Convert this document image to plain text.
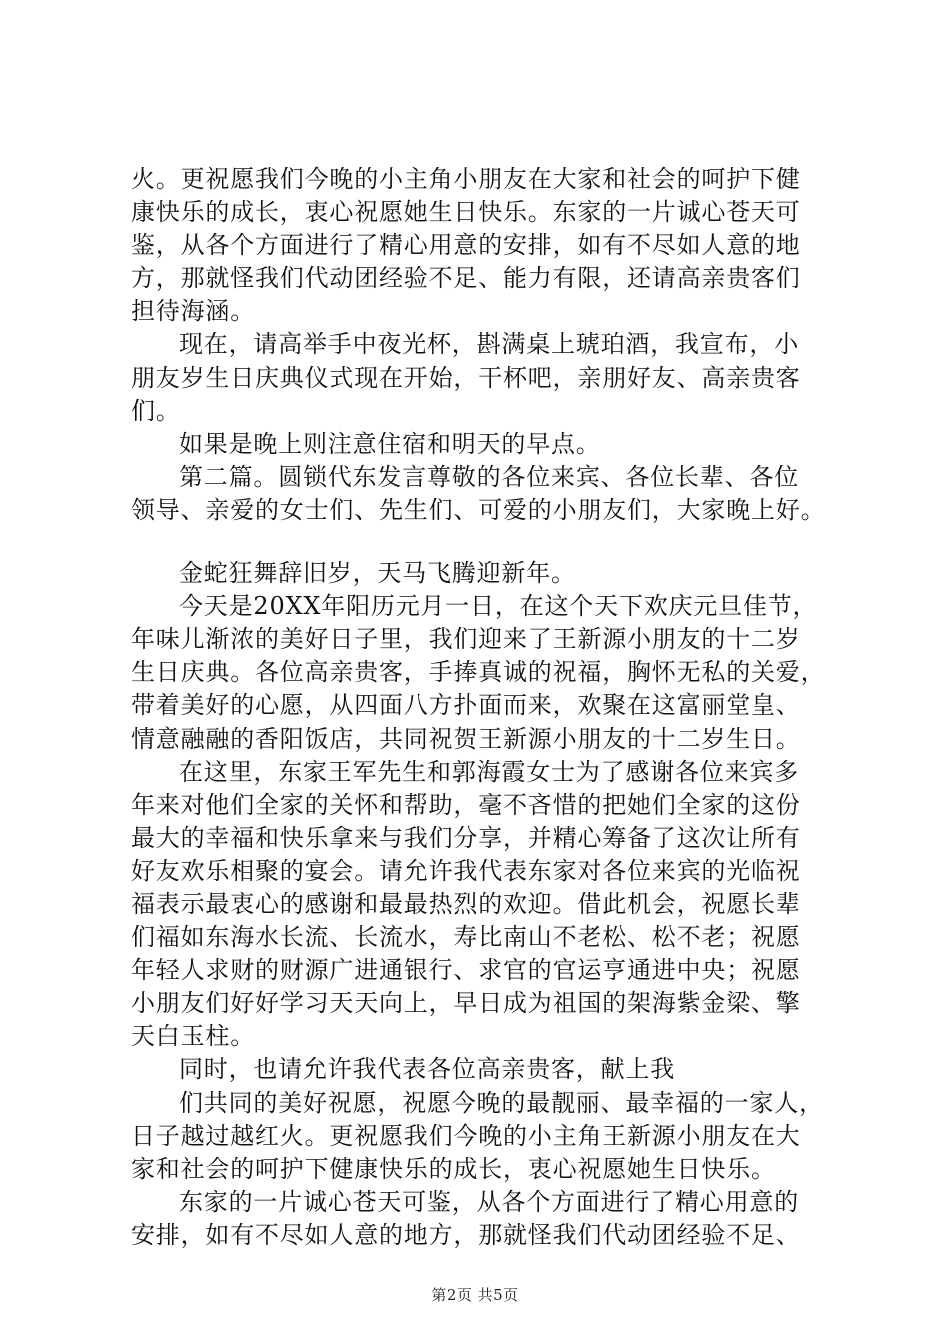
火。更祝愿我们今晚的小主角小朋友在大家和社会的呵护下健
康快乐的成长，衷心祝愿她生日快乐。东家的一片诚心苍天可
鉴，从各个方面进行了精心用意的安排，如有不尽如人意的地
方，那就怪我们代动团经验不足、能力有限，还请高亲贵客们
担待海涵。
现在，请高举手中夜光杯，斟满桌上琥珀酒，我宣布，小
朋友岁生日庆典仪式现在开始，干杯吧，亲朋好友、高亲贵客
们。
如果是晚上则注意住宿和明天的早点。
第二篇。圆锁代东发言尊敬的各位来宾、各位长辈、各位
领导、亲爱的女士们、先生们、可爱的小朋友们，大家晚上好。
金蛇狂舞辞旧岁，天马飞腾迎新年。
今天是20XX年阳历元月一日，在这个天下欢庆元旦佳节，
年味儿渐浓的美好日子里，我们迎来了王新源小朋友的十二岁
生日庆典。各位高亲贵客，手捧真诚的祝福，胸怀无私的关爱，
带着美好的心愿，从四面八方扑面而来，欢聚在这富丽堂皇、
情意融融的香阳饭店，共同祝贺王新源小朋友的十二岁生日。
在这里，东家王军先生和郭海霞女士为了感谢各位来宾多
年来对他们全家的关怀和帮助，毫不吝惜的把她们全家的这份
最大的幸福和快乐拿来与我们分享，并精心筹备了这次让所有
好友欢乐相聚的宴会。请允许我代表东家对各位来宾的光临祝
福表示最衷心的感谢和最最热烈的欢迎。借此机会，祝愿长辈
们福如东海水长流、长流水，寿比南山不老松、松不老；祝愿
年轻人求财的财源广进通银行、求官的官运亨通进中央；祝愿
小朋友们好好学习天天向上，早日成为祖国的架海紫金梁、擎
天白玉柱。
同时，也请允许我代表各位高亲贵客，献上我
们共同的美好祝愿，祝愿今晚的最靓丽、最幸福的一家人，
日子越过越红火。更祝愿我们今晚的小主角王新源小朋友在大
家和社会的呵护下健康快乐的成长，衷心祝愿她生日快乐。
东家的一片诚心苍天可鉴，从各个方面进行了精心用意的
安排，如有不尽如人意的地方，那就怪我们代动团经验不足、
第2页 共5页
